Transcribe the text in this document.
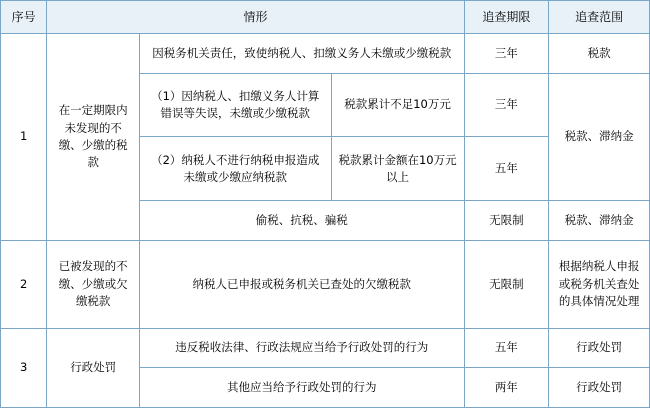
序号	情形			追查期限	追查范围
1	在一定期限内未发现的不缴、少缴的税款	因税务机关责任，致使纳税人、扣缴义务人未缴或少缴税款		三年	税款
		（1）因纳税人、扣缴义务人计算错误等失误，未缴或少缴税款	税款累计不足10万元	三年	税款、滞纳金
		（2）纳税人不进行纳税申报造成未缴或少缴应纳税款	税款累计金额在10万元以上	五年	
		偷税、抗税、骗税		无限制	税款、滞纳金
2	已被发现的不缴、少缴或欠缴税款	纳税人已申报或税务机关已查处的欠缴税款		无限制	根据纳税人申报或税务机关查处的具体情况处理
3	行政处罚	违反税收法律、行政法规应当给予行政处罚的行为		五年	行政处罚
		其他应当给予行政处罚的行为		两年	行政处罚
